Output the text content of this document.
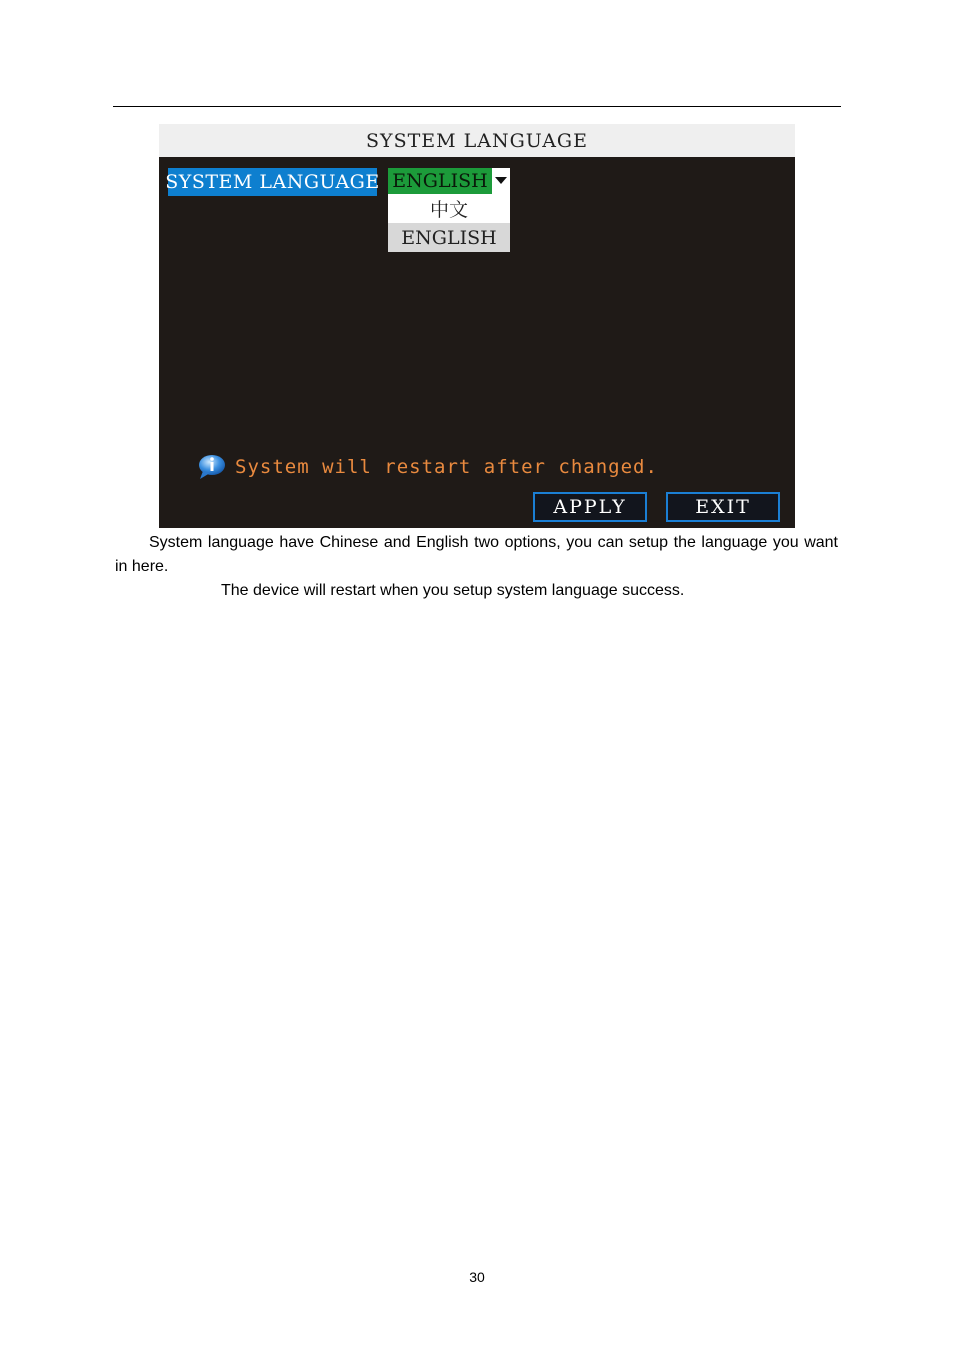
SYSTEM LANGUAGE
SYSTEM LANGUAGE ENGLISH
中文
ENGLISH
System will restart after changed.
APPLY	EXIT
System language have Chinese and English two options, you can setup the language you want in here.
The device will restart when you setup system language success.
30
